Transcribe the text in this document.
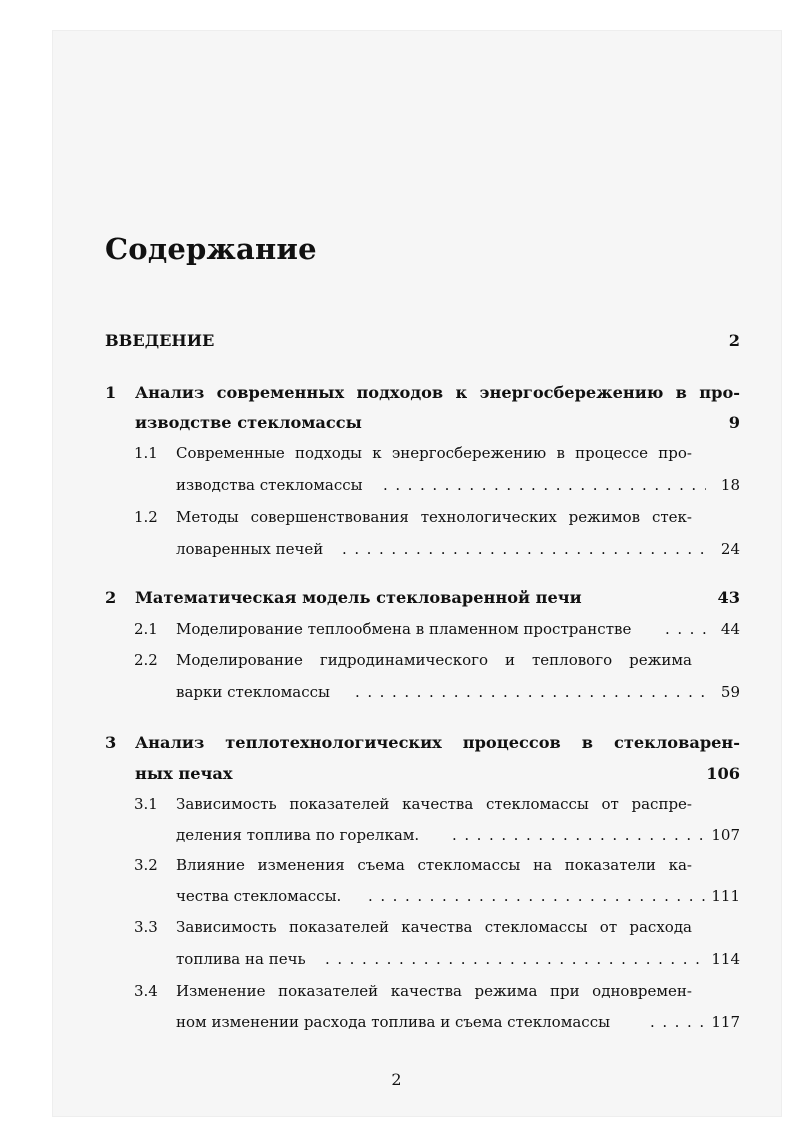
Содержание
ВВЕДЕНИЕ	2
1 Анализ современных подходов к энергосбережению в про-
изводстве стекломассы	9
1.1 Современные подходы к энергосбережению в процессе про-
изводства стекломассы . . .	18
1.2 Методы совершенствования технологических режимов стек-
ловаренных печей . . .	24
2 Математическая модель стекловаренной печи	43
2.1 Моделирование теплообмена в пламенном пространстве . . .	44
2.2 Моделирование гидродинамического и теплового режима
варки стекломассы . . .	59
3 Анализ теплотехнологических процессов в стекловарен-
ных печах	106
3.1 Зависимость показателей качества стекломассы от распре-
деления топлива по горелкам. . . .	107
3.2 Влияние изменения съема стекломассы на показатели ка-
чества стекломассы. . . .	111
3.3 Зависимость показателей качества стекломассы от расхода
топлива на печь . . .	114
3.4 Изменение показателей качества режима при одновремен-
ном изменении расхода топлива и съема стекломассы . . .	117
2
